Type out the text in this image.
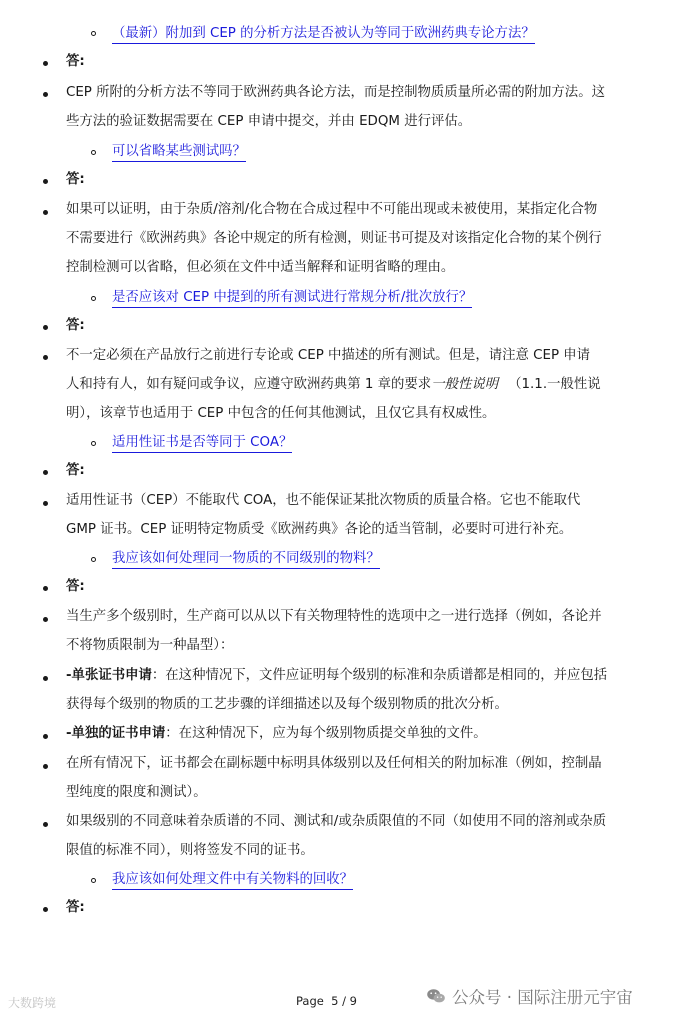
（最新）附加到 CEP 的分析方法是否被认为等同于欧洲药典专论方法？
答:
CEP 所附的分析方法不等同于欧洲药典各论方法，而是控制物质质量所必需的附加方法。这
些方法的验证数据需要在 CEP 申请中提交，并由 EDQM 进行评估。
可以省略某些测试吗？
答:
如果可以证明，由于杂质/溶剂/化合物在合成过程中不可能出现或未被使用，某指定化合物
不需要进行《欧洲药典》各论中规定的所有检测，则证书可提及对该指定化合物的某个例行
控制检测可以省略，但必须在文件中适当解释和证明省略的理由。
是否应该对 CEP 中提到的所有测试进行常规分析/批次放行？
答:
不一定必须在产品放行之前进行专论或 CEP 中描述的所有测试。但是，请注意 CEP 申请
人和持有人，如有疑问或争议，应遵守欧洲药典第 1 章的要求一般性说明 （1.1.一般性说
明），该章节也适用于 CEP 中包含的任何其他测试，且仅它具有权威性。
适用性证书是否等同于 COA？
答:
适用性证书（CEP）不能取代 COA，也不能保证某批次物质的质量合格。它也不能取代
GMP 证书。CEP 证明特定物质受《欧洲药典》各论的适当管制，必要时可进行补充。
我应该如何处理同一物质的不同级别的物料？
答:
当生产多个级别时，生产商可以从以下有关物理特性的选项中之一进行选择（例如，各论并
不将物质限制为一种晶型）：
-单张证书申请：在这种情况下，文件应证明每个级别的标准和杂质谱都是相同的，并应包括
获得每个级别的物质的工艺步骤的详细描述以及每个级别物质的批次分析。
-单独的证书申请：在这种情况下，应为每个级别物质提交单独的文件。
在所有情况下，证书都会在副标题中标明具体级别以及任何相关的附加标准（例如，控制晶
型纯度的限度和测试）。
如果级别的不同意味着杂质谱的不同、测试和/或杂质限值的不同（如使用不同的溶剂或杂质
限值的标准不同），则将签发不同的证书。
我应该如何处理文件中有关物料的回收？
答:
Page 5 / 9
大数跨境	公众号 · 国际注册元宇宙
